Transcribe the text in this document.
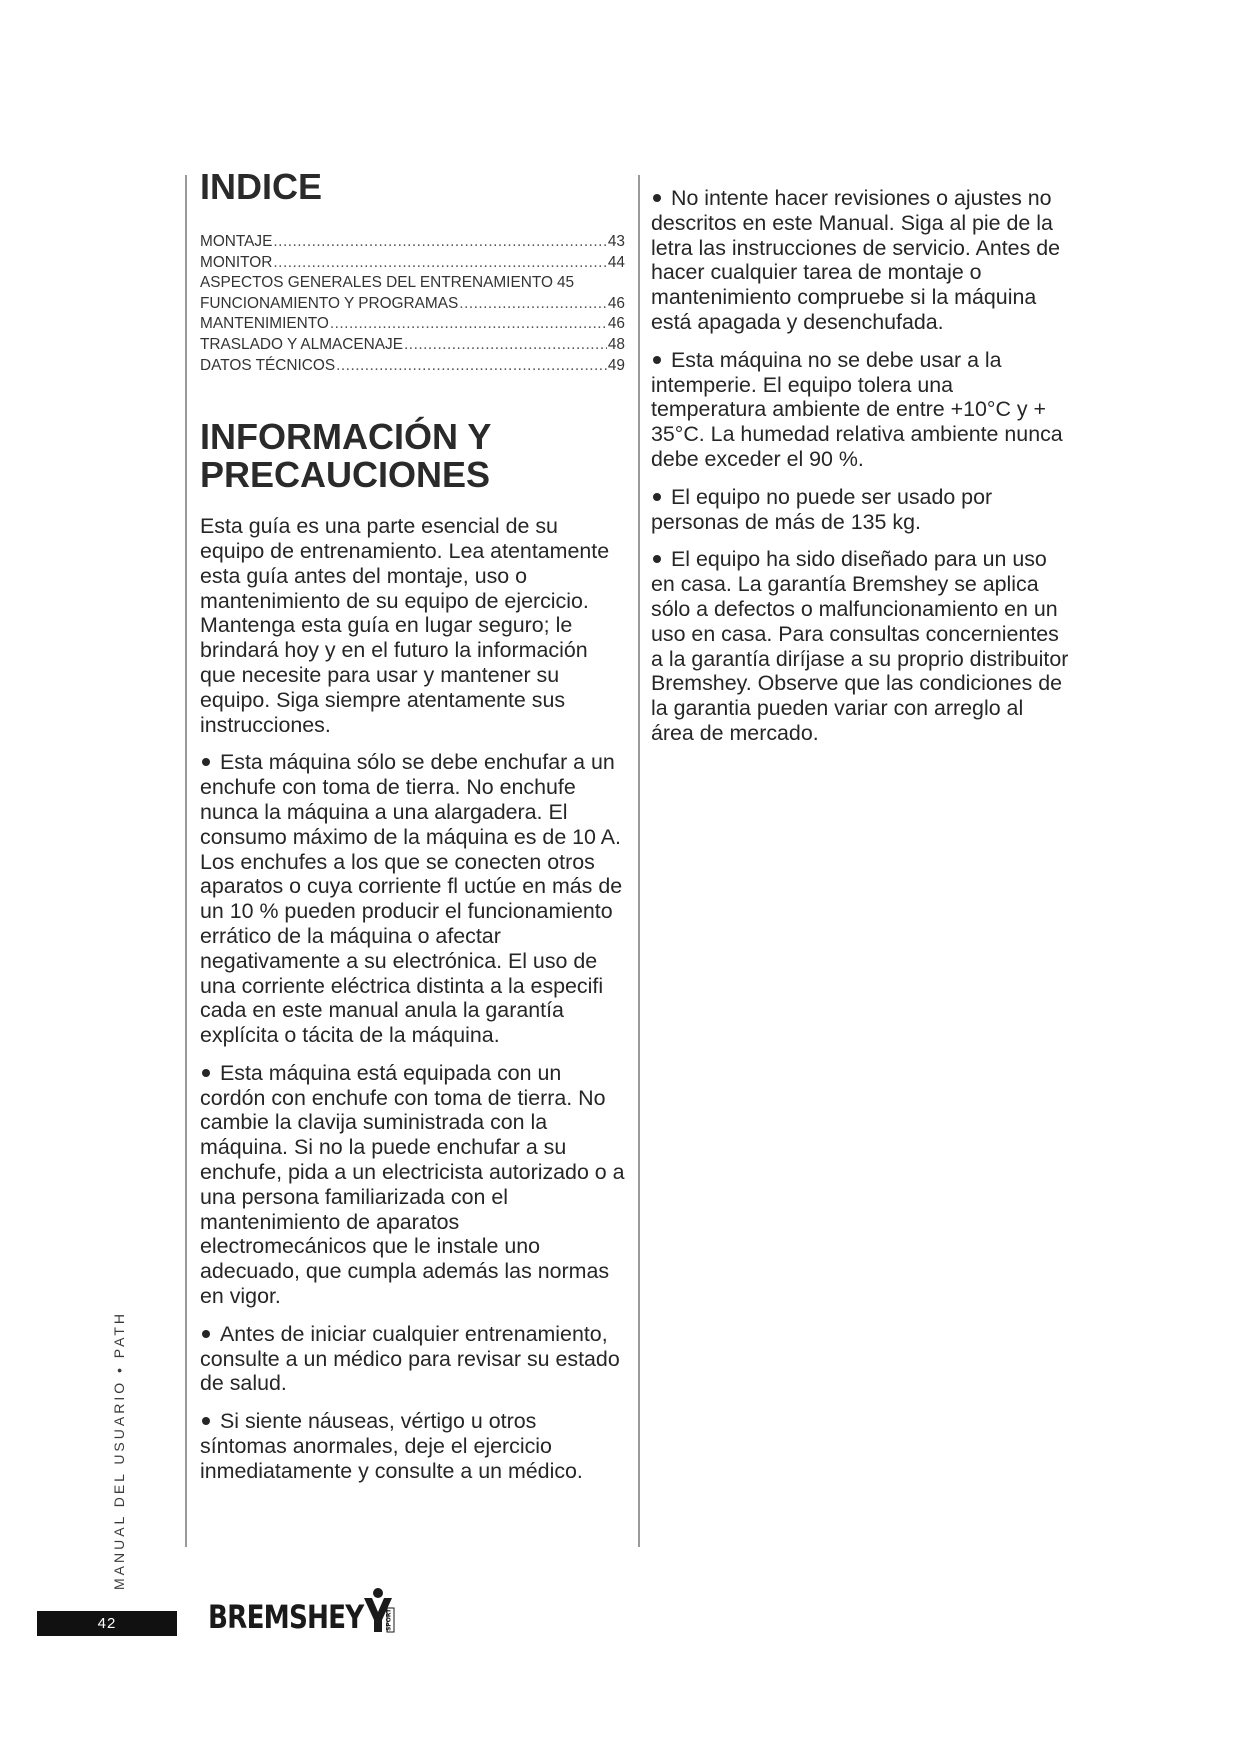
INDICE
MONTAJE .....	43
MONITOR .....	44
ASPECTOS GENERALES DEL ENTRENAMIENTO 45
FUNCIONAMIENTO Y PROGRAMAS .....	46
MANTENIMIENTO .....	46
TRASLADO Y ALMACENAJE .....	48
DATOS TÉCNICOS .....	49
INFORMACIÓN Y
PRECAUCIONES

Esta guía es una parte esencial de su equipo de entrenamiento. Lea atentamente esta guía antes del montaje, uso o mantenimiento de su equipo de ejercicio. Mantenga esta guía en lugar seguro; le brindará hoy y en el futuro la información que necesite para usar y mantener su equipo. Siga siempre atentamente sus instrucciones.

Esta máquina sólo se debe enchufar a un enchufe con toma de tierra. No enchufe nunca la máquina a una alargadera. El consumo máximo de la máquina es de 10 A. Los enchufes a los que se conecten otros aparatos o cuya corriente fl uctúe en más de un 10 % pueden producir el funcionamiento errático de la máquina o afectar negativamente a su electrónica. El uso de una corriente eléctrica distinta a la especifi cada en este manual anula la garantía explícita o tácita de la máquina.

Esta máquina está equipada con un cordón con enchufe con toma de tierra. No cambie la clavija suministrada con la máquina. Si no la puede enchufar a su enchufe, pida a un electricista autorizado o a una persona familiarizada con el mantenimiento de aparatos electromecánicos que le instale uno adecuado, que cumpla además las normas en vigor.

Antes de iniciar cualquier entrenamiento, consulte a un médico para revisar su estado de salud.

Si siente náuseas, vértigo u otros síntomas anormales, deje el ejercicio inmediatamente y consulte a un médico.

No intente hacer revisiones o ajustes no descritos en este Manual. Siga al pie de la letra las instrucciones de servicio. Antes de hacer cualquier tarea de montaje o mantenimiento compruebe si la máquina está apagada y desenchufada.

Esta máquina no se debe usar a la intemperie. El equipo tolera una temperatura ambiente de entre +10°C y + 35°C. La humedad relativa ambiente nunca debe exceder el 90 %.

El equipo no puede ser usado por personas de más de 135 kg.

El equipo ha sido diseñado para un uso en casa. La garantía Bremshey se aplica sólo a defectos o malfuncionamiento en un uso en casa. Para consultas concernientes a la garantía diríjase a su proprio distribuitor Bremshey. Observe que las condiciones de la garantia pueden variar con arreglo al área de mercado.

MANUAL DEL USUARIO • PATH
42	BREMSHEY	SPORT
